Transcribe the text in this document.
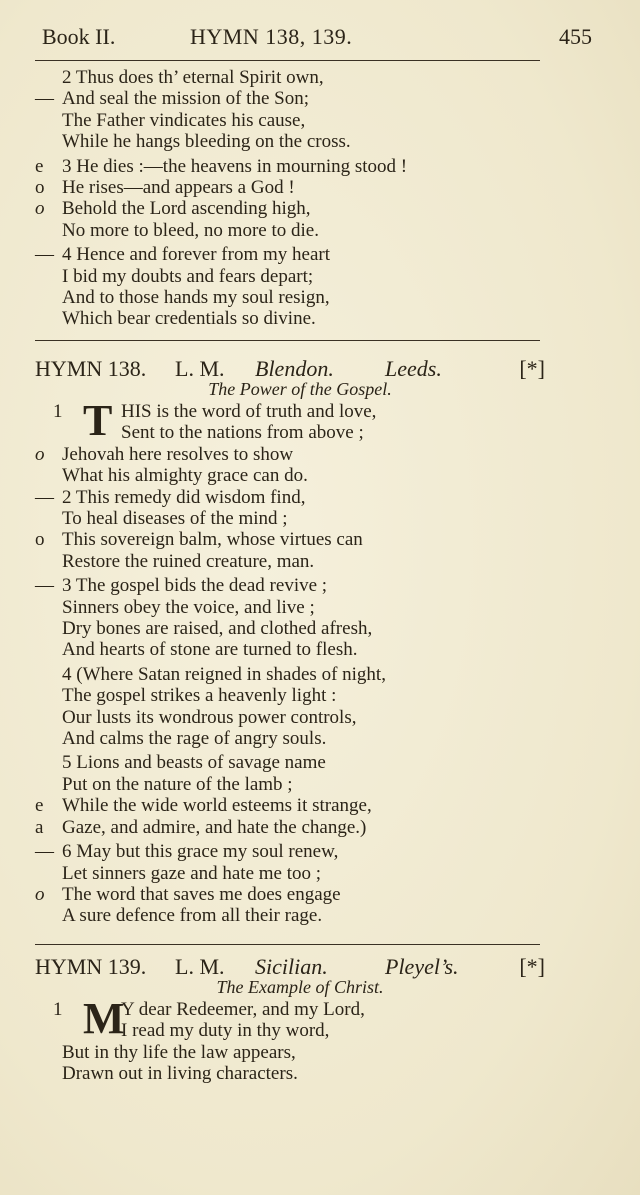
Book II.	HYMN 138, 139.	455
2 Thus does th’ eternal Spirit own,
— And seal the mission of the Son;
The Father vindicates his cause,
While he hangs bleeding on the cross.
e 3 He dies :—the heavens in mourning stood !
o He rises—and appears a God !
o Behold the Lord ascending high,
No more to bleed, no more to die.
— 4 Hence and forever from my heart
I bid my doubts and fears depart;
And to those hands my soul resign,
Which bear credentials so divine.
HYMN 138.	L. M.	Blendon.	Leeds.	[*]
The Power of the Gospel.
1 T HIS is the word of truth and love,
Sent to the nations from above ;
o Jehovah here resolves to show
What his almighty grace can do.
— 2 This remedy did wisdom find,
To heal diseases of the mind ;
o This sovereign balm, whose virtues can
Restore the ruined creature, man.
— 3 The gospel bids the dead revive ;
Sinners obey the voice, and live ;
Dry bones are raised, and clothed afresh,
And hearts of stone are turned to flesh.
4 (Where Satan reigned in shades of night,
The gospel strikes a heavenly light :
Our lusts its wondrous power controls,
And calms the rage of angry souls.
5 Lions and beasts of savage name
Put on the nature of the lamb ;
e While the wide world esteems it strange,
a Gaze, and admire, and hate the change.)
— 6 May but this grace my soul renew,
Let sinners gaze and hate me too ;
o The word that saves me does engage
A sure defence from all their rage.
HYMN 139.	L. M.	Sicilian.	Pleyel’s.	[*]
The Example of Christ.
1 M
Y dear Redeemer, and my Lord,
I read my duty in thy word,
But in thy life the law appears,
Drawn out in living characters.
